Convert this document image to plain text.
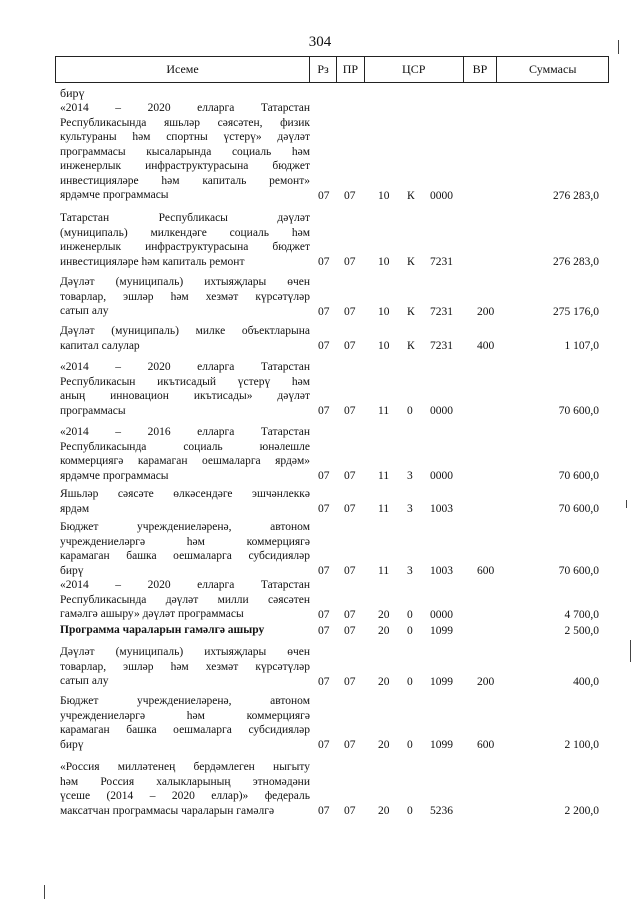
304
Исеме	Рз	ПР	ЦСР	ВР	Суммасы
бирү
«2014 – 2020 елларга Татарстан
Республикасында яшьләр сәясәтен, физик
культураны һәм спортны үстерү» дәүләт
программасы кысаларында социаль һәм
инженерлык инфраструктурасына бюджет
инвестицияләре һәм капиталь ремонт»
ярдәмче программасы	07 07 10 К 0000	276 283,0
Татарстан Республикасы дәүләт
(муниципаль) милкендәге социаль һәм
инженерлык инфраструктурасына бюджет
инвестицияләре һәм капиталь ремонт	07 07 10 К 7231	276 283,0
Дәүләт (муниципаль) ихтыяҗлары өчен
товарлар, эшләр һәм хезмәт күрсәтүләр
сатып алу	07 07 10 К 7231 200	275 176,0
Дәүләт (муниципаль) милке объектларына
капитал салулар	07 07 10 К 7231 400	1 107,0
«2014 – 2020 елларга Татарстан
Республикасын икътисадый үстерү һәм
аның инновацион икътисады» дәүләт
программасы	07 07 11 0 0000	70 600,0
«2014 – 2016 елларга Татарстан
Республикасында социаль юнәлешле
коммерциягә карамаган оешмаларга ярдәм»
ярдәмче программасы	07 07 11 3 0000	70 600,0
Яшьләр сәясәте өлкәсендәге эшчәнлеккә
ярдәм	07 07 11 3 1003	70 600,0
Бюджет учреждениеләренә, автоном
учреждениеләргә һәм коммерциягә
карамаган башка оешмаларга субсидияләр
бирү	07 07 11 3 1003 600	70 600,0
«2014 – 2020 елларга Татарстан
Республикасында дәүләт милли сәясәтен
гамәлгә ашыру» дәүләт программасы	07 07 20 0 0000	4 700,0
Программа чараларын гамәлгә ашыру	07 07 20 0 1099	2 500,0
Дәүләт (муниципаль) ихтыяҗлары өчен
товарлар, эшләр һәм хезмәт күрсәтүләр
сатып алу	07 07 20 0 1099 200	400,0
Бюджет учреждениеләренә, автоном
учреждениеләргә һәм коммерциягә
карамаган башка оешмаларга субсидияләр
бирү	07 07 20 0 1099 600	2 100,0
«Россия милләтенең бердәмлеген ныгыту
һәм Россия халыкларының этномәдәни
үсеше (2014 – 2020 еллар)» федераль
максатчан программасы чараларын гамәлгә	07 07 20 0 5236	2 200,0
